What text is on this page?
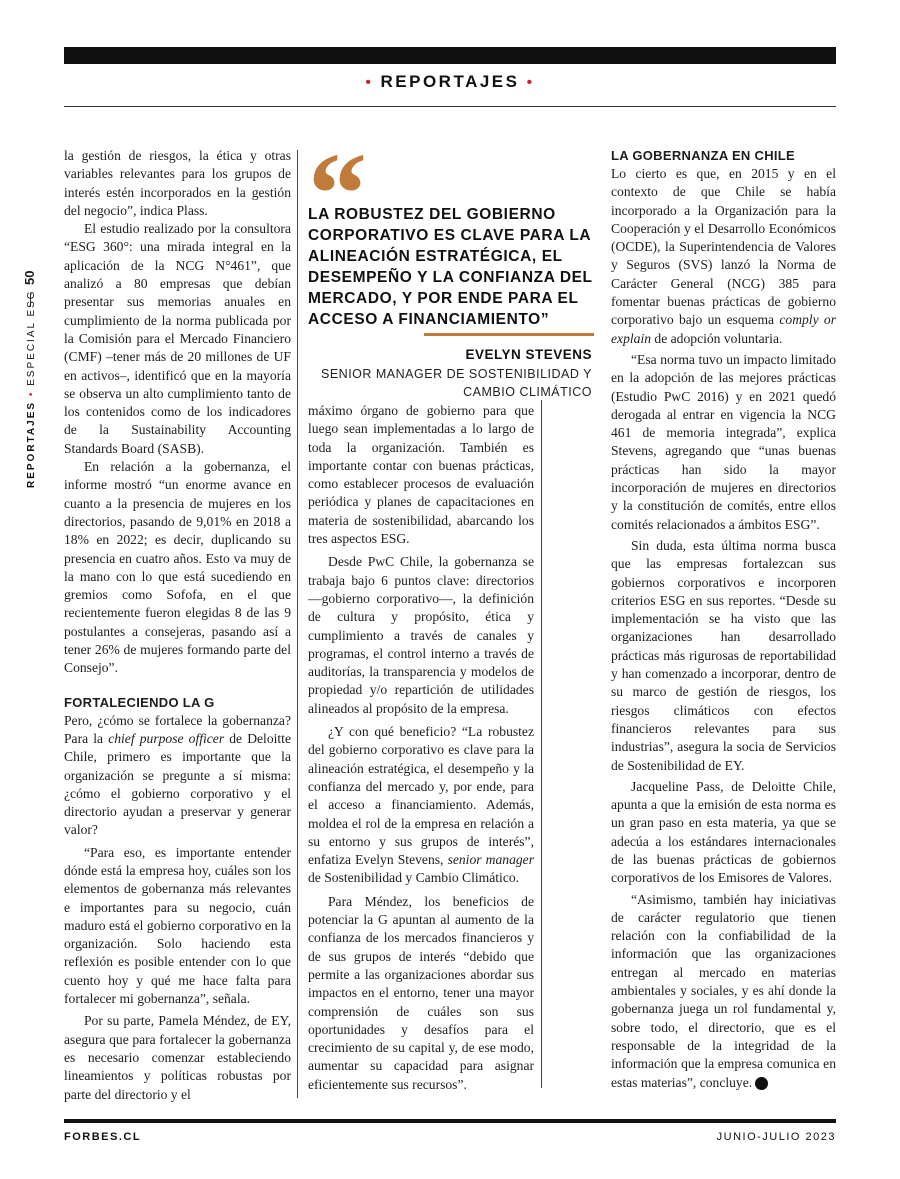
• REPORTAJES •
50
REPORTAJES • ESPECIAL ESG

la gestión de riesgos, la ética y otras variables relevantes para los grupos de interés estén incorporados en la gestión del negocio”, indica Plass.

El estudio realizado por la consultora “ESG 360°: una mirada integral en la aplicación de la NCG N°461”, que analizó a 80 empresas que debían presentar sus memorias anuales en cumplimiento de la norma publicada por la Comisión para el Mercado Financiero (CMF) –tener más de 20 millones de UF en activos–, identificó que en la mayoría se observa un alto cumplimiento tanto de los contenidos como de los indicadores de la Sustainability Accounting Standards Board (SASB).

En relación a la gobernanza, el informe mostró “un enorme avance en cuanto a la presencia de mujeres en los directorios, pasando de 9,01% en 2018 a 18% en 2022; es decir, duplicando su presencia en cuatro años. Esto va muy de la mano con lo que está sucediendo en gremios como Sofofa, en el que recientemente fueron elegidas 8 de las 9 postulantes a consejeras, pasando así a tener 26% de mujeres formando parte del Consejo”.

FORTALECIENDO LA G

Pero, ¿cómo se fortalece la gobernanza? Para la chief purpose officer de Deloitte Chile, primero es importante que la organización se pregunte a sí misma: ¿cómo el gobierno corporativo y el directorio ayudan a preservar y generar valor?

“Para eso, es importante entender dónde está la empresa hoy, cuáles son los elementos de gobernanza más relevantes e importantes para su negocio, cuán maduro está el gobierno corporativo en la organización. Solo haciendo esta reflexión es posible entender con lo que cuento hoy y qué me hace falta para fortalecer mi gobernanza”, señala.

Por su parte, Pamela Méndez, de EY, asegura que para fortalecer la gobernanza es necesario comenzar estableciendo lineamientos y políticas robustas por parte del directorio y el

“
LA ROBUSTEZ DEL GOBIERNO CORPORATIVO ES CLAVE PARA LA ALINEACIÓN ESTRATÉGICA, EL DESEMPEÑO Y LA CONFIANZA DEL MERCADO, Y POR ENDE PARA EL ACCESO A FINANCIAMIENTO”
EVELYN STEVENS
SENIOR MANAGER DE SOSTENIBILIDAD Y CAMBIO CLIMÁTICO

máximo órgano de gobierno para que luego sean implementadas a lo largo de toda la organización. También es importante contar con buenas prácticas, como establecer procesos de evaluación periódica y planes de capacitaciones en materia de sostenibilidad, abarcando los tres aspectos ESG.

Desde PwC Chile, la gobernanza se trabaja bajo 6 puntos clave: directorios —gobierno corporativo—, la definición de cultura y propósito, ética y cumplimiento a través de canales y programas, el control interno a través de auditorías, la transparencia y modelos de propiedad y/o repartición de utilidades alineados al propósito de la empresa.

¿Y con qué beneficio? “La robustez del gobierno corporativo es clave para la alineación estratégica, el desempeño y la confianza del mercado y, por ende, para el acceso a financiamiento. Además, moldea el rol de la empresa en relación a su entorno y sus grupos de interés”, enfatiza Evelyn Stevens, senior manager de Sostenibilidad y Cambio Climático.

Para Méndez, los beneficios de potenciar la G apuntan al aumento de la confianza de los mercados financieros y de sus grupos de interés “debido que permite a las organizaciones abordar sus impactos en el entorno, tener una mayor comprensión de cuáles son sus oportunidades y desafíos para el crecimiento de su capital y, de ese modo, aumentar su capacidad para asignar eficientemente sus recursos”.

LA GOBERNANZA EN CHILE

Lo cierto es que, en 2015 y en el contexto de que Chile se había incorporado a la Organización para la Cooperación y el Desarrollo Económicos (OCDE), la Superintendencia de Valores y Seguros (SVS) lanzó la Norma de Carácter General (NCG) 385 para fomentar buenas prácticas de gobierno corporativo bajo un esquema comply or explain de adopción voluntaria.

“Esa norma tuvo un impacto limitado en la adopción de las mejores prácticas (Estudio PwC 2016) y en 2021 quedó derogada al entrar en vigencia la NCG 461 de memoria integrada”, explica Stevens, agregando que “unas buenas prácticas han sido la mayor incorporación de mujeres en directorios y la constitución de comités, entre ellos comités relacionados a ámbitos ESG”.

Sin duda, esta última norma busca que las empresas fortalezcan sus gobiernos corporativos e incorporen criterios ESG en sus reportes. “Desde su implementación se ha visto que las organizaciones han desarrollado prácticas más rigurosas de reportabilidad y han comenzado a incorporar, dentro de su marco de gestión de riesgos, los riesgos climáticos con efectos financieros relevantes para sus industrias”, asegura la socia de Servicios de Sostenibilidad de EY.

Jacqueline Pass, de Deloitte Chile, apunta a que la emisión de esta norma es un gran paso en esta materia, ya que se adecúa a los estándares internacionales de las buenas prácticas de gobiernos corporativos de los Emisores de Valores.

“Asimismo, también hay iniciativas de carácter regulatorio que tienen relación con la confiabilidad de la información que las organizaciones entregan al mercado en materias ambientales y sociales, y es ahí donde la gobernanza juega un rol fundamental y, sobre todo, el directorio, que es el responsable de la integridad de la información que la empresa comunica en estas materias”, concluye. F

FORBES.CL	JUNIO-JULIO 2023
